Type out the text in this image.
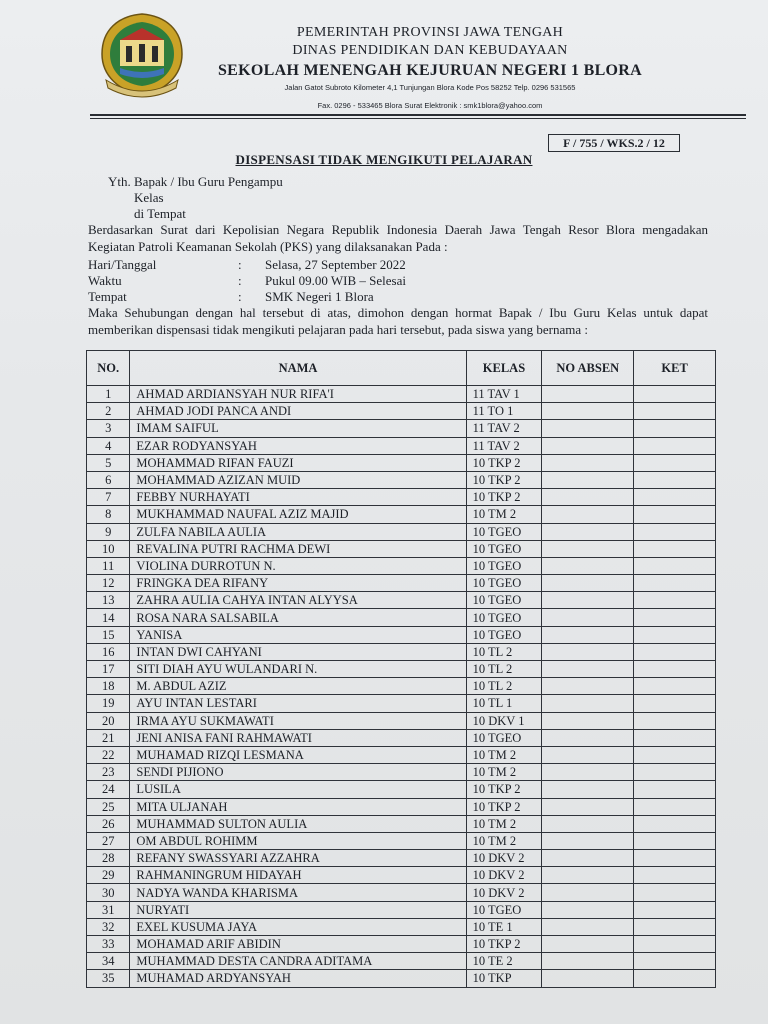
PEMERINTAH PROVINSI JAWA TENGAH
DINAS PENDIDIKAN DAN KEBUDAYAAN
SEKOLAH MENENGAH KEJURUAN NEGERI 1 BLORA
Jalan Gatot Subroto Kilometer 4,1 Tunjungan Blora Kode Pos 58252 Telp. 0296 531565
Fax. 0296 - 533465 Blora Surat Elektronik : smk1blora@yahoo.com
F / 755 / WKS.2 / 12
DISPENSASI TIDAK MENGIKUTI PELAJARAN
Yth. Bapak / Ibu Guru Pengampu
Kelas
di Tempat
Berdasarkan Surat dari Kepolisian Negara Republik Indonesia Daerah Jawa Tengah Resor Blora mengadakan Kegiatan Patroli Keamanan Sekolah (PKS) yang dilaksanakan Pada :
Hari/Tanggal	: Selasa, 27 September 2022
Waktu	: Pukul 09.00 WIB – Selesai
Tempat	: SMK Negeri 1 Blora
Maka Sehubungan dengan hal tersebut di atas, dimohon dengan hormat Bapak / Ibu Guru Kelas untuk dapat memberikan dispensasi tidak mengikuti pelajaran pada hari tersebut, pada siswa yang bernama :
NO.	NAMA	KELAS	NO ABSEN	KET
1	AHMAD ARDIANSYAH NUR RIFA'I	11 TAV 1		
2	AHMAD JODI PANCA ANDI	11 TO 1		
3	IMAM SAIFUL	11 TAV 2		
4	EZAR RODYANSYAH	11 TAV 2		
5	MOHAMMAD RIFAN FAUZI	10 TKP 2		
6	MOHAMMAD AZIZAN MUID	10 TKP 2		
7	FEBBY NURHAYATI	10 TKP 2		
8	MUKHAMMAD NAUFAL AZIZ MAJID	10 TM 2		
9	ZULFA NABILA AULIA	10 TGEO		
10	REVALINA PUTRI RACHMA DEWI	10 TGEO		
11	VIOLINA DURROTUN N.	10 TGEO		
12	FRINGKA DEA RIFANY	10 TGEO		
13	ZAHRA AULIA CAHYA INTAN ALYYSA	10 TGEO		
14	ROSA NARA SALSABILA	10 TGEO		
15	YANISA	10 TGEO		
16	INTAN DWI CAHYANI	10 TL 2		
17	SITI DIAH AYU WULANDARI N.	10 TL 2		
18	M. ABDUL AZIZ	10 TL 2		
19	AYU INTAN LESTARI	10 TL 1		
20	IRMA AYU SUKMAWATI	10 DKV 1		
21	JENI ANISA FANI RAHMAWATI	10 TGEO		
22	MUHAMAD RIZQI LESMANA	10 TM 2		
23	SENDI PIJIONO	10 TM 2		
24	LUSILA	10 TKP 2		
25	MITA ULJANAH	10 TKP 2		
26	MUHAMMAD SULTON AULIA	10 TM 2		
27	OM ABDUL ROHIMM	10 TM 2		
28	REFANY SWASSYARI AZZAHRA	10 DKV 2		
29	RAHMANINGRUM HIDAYAH	10 DKV 2		
30	NADYA WANDA KHARISMA	10 DKV 2		
31	NURYATI	10 TGEO		
32	EXEL KUSUMA JAYA	10 TE 1		
33	MOHAMAD ARIF ABIDIN	10 TKP 2		
34	MUHAMMAD DESTA CANDRA ADITAMA	10 TE 2		
35	MUHAMAD ARDYANSYAH	10 TKP		
